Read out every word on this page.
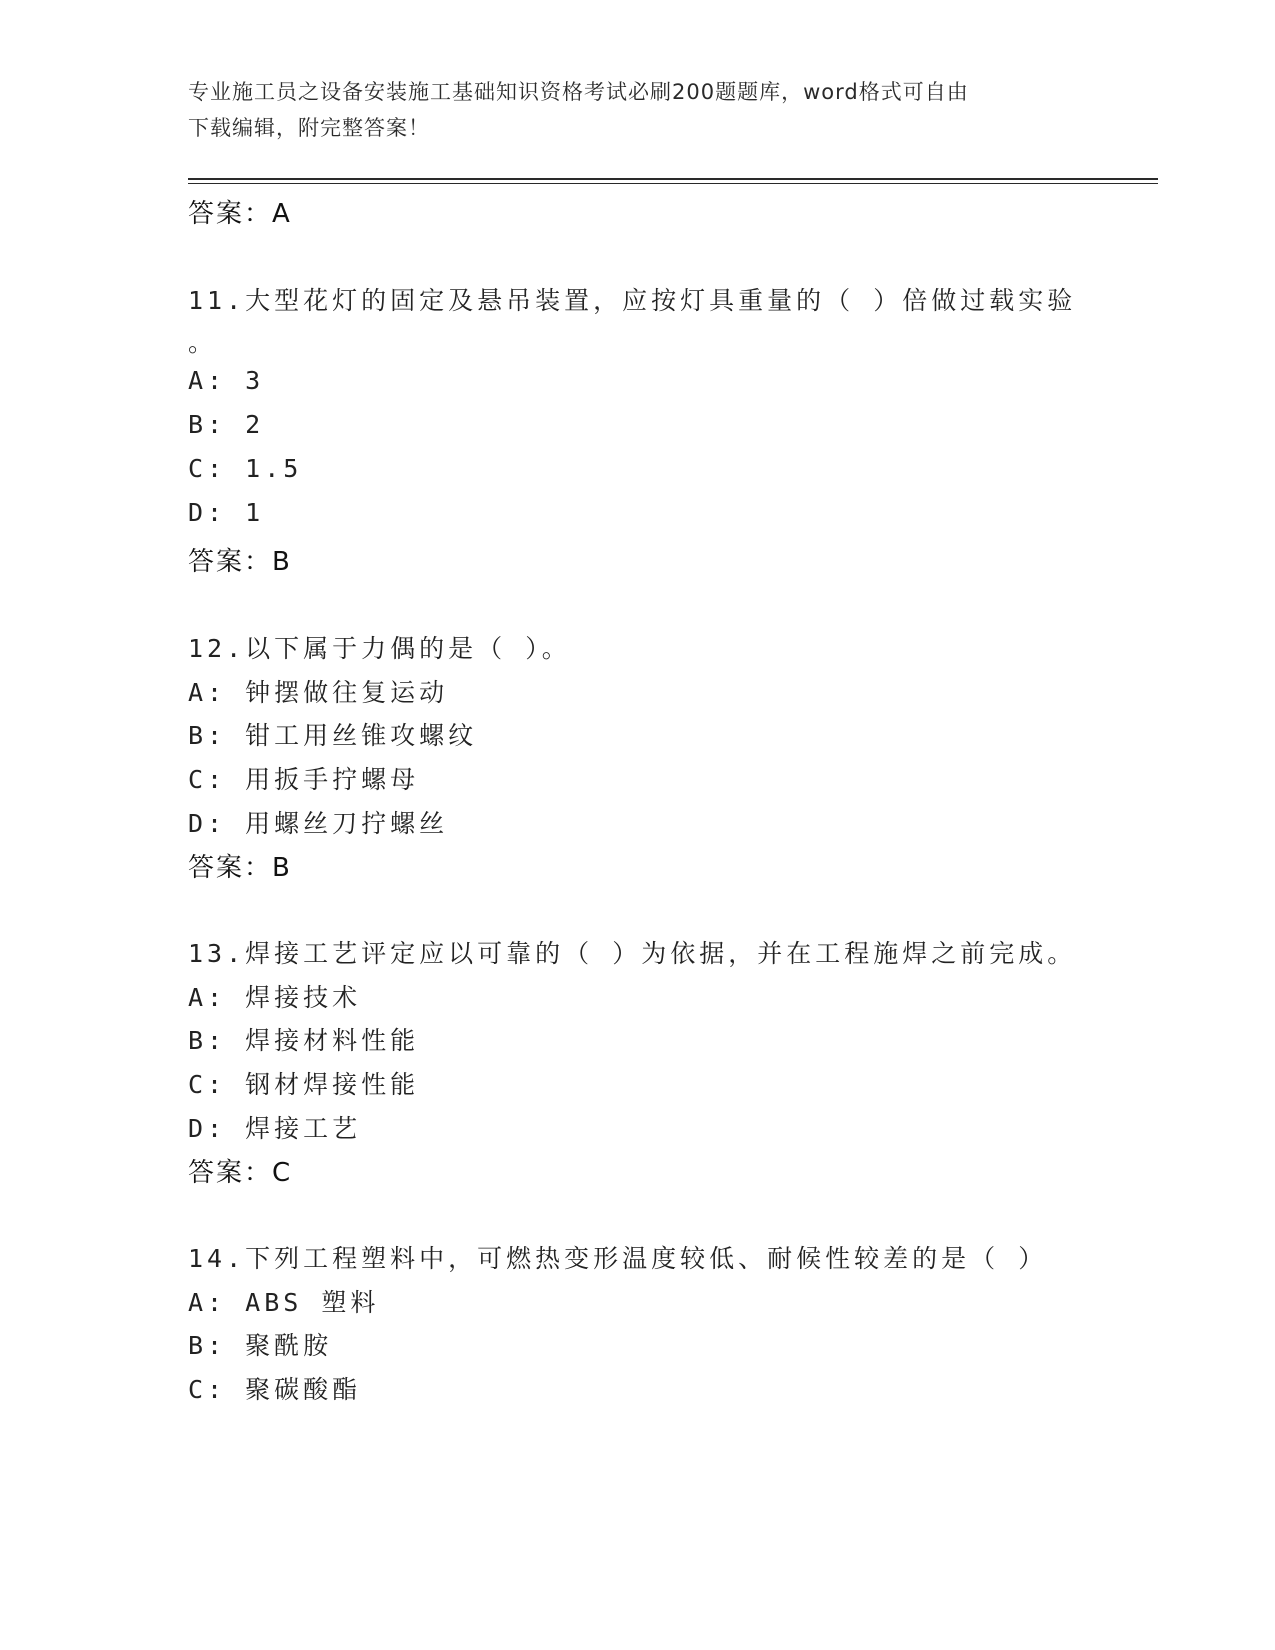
专业施工员之设备安装施工基础知识资格考试必刷200题题库，word格式可自由
下载编辑，附完整答案！
答案：A
11.大型花灯的固定及悬吊装置，应按灯具重量的（ ）倍做过载实验
。
A: 3
B: 2
C: 1.5
D: 1
答案：B
12.以下属于力偶的是（ ）。
A: 钟摆做往复运动
B: 钳工用丝锥攻螺纹
C: 用扳手拧螺母
D: 用螺丝刀拧螺丝
答案：B
13.焊接工艺评定应以可靠的（ ）为依据，并在工程施焊之前完成。
A: 焊接技术
B: 焊接材料性能
C: 钢材焊接性能
D: 焊接工艺
答案：C
14.下列工程塑料中，可燃热变形温度较低、耐候性较差的是（ ）
A: ABS 塑料
B: 聚酰胺
C: 聚碳酸酯
